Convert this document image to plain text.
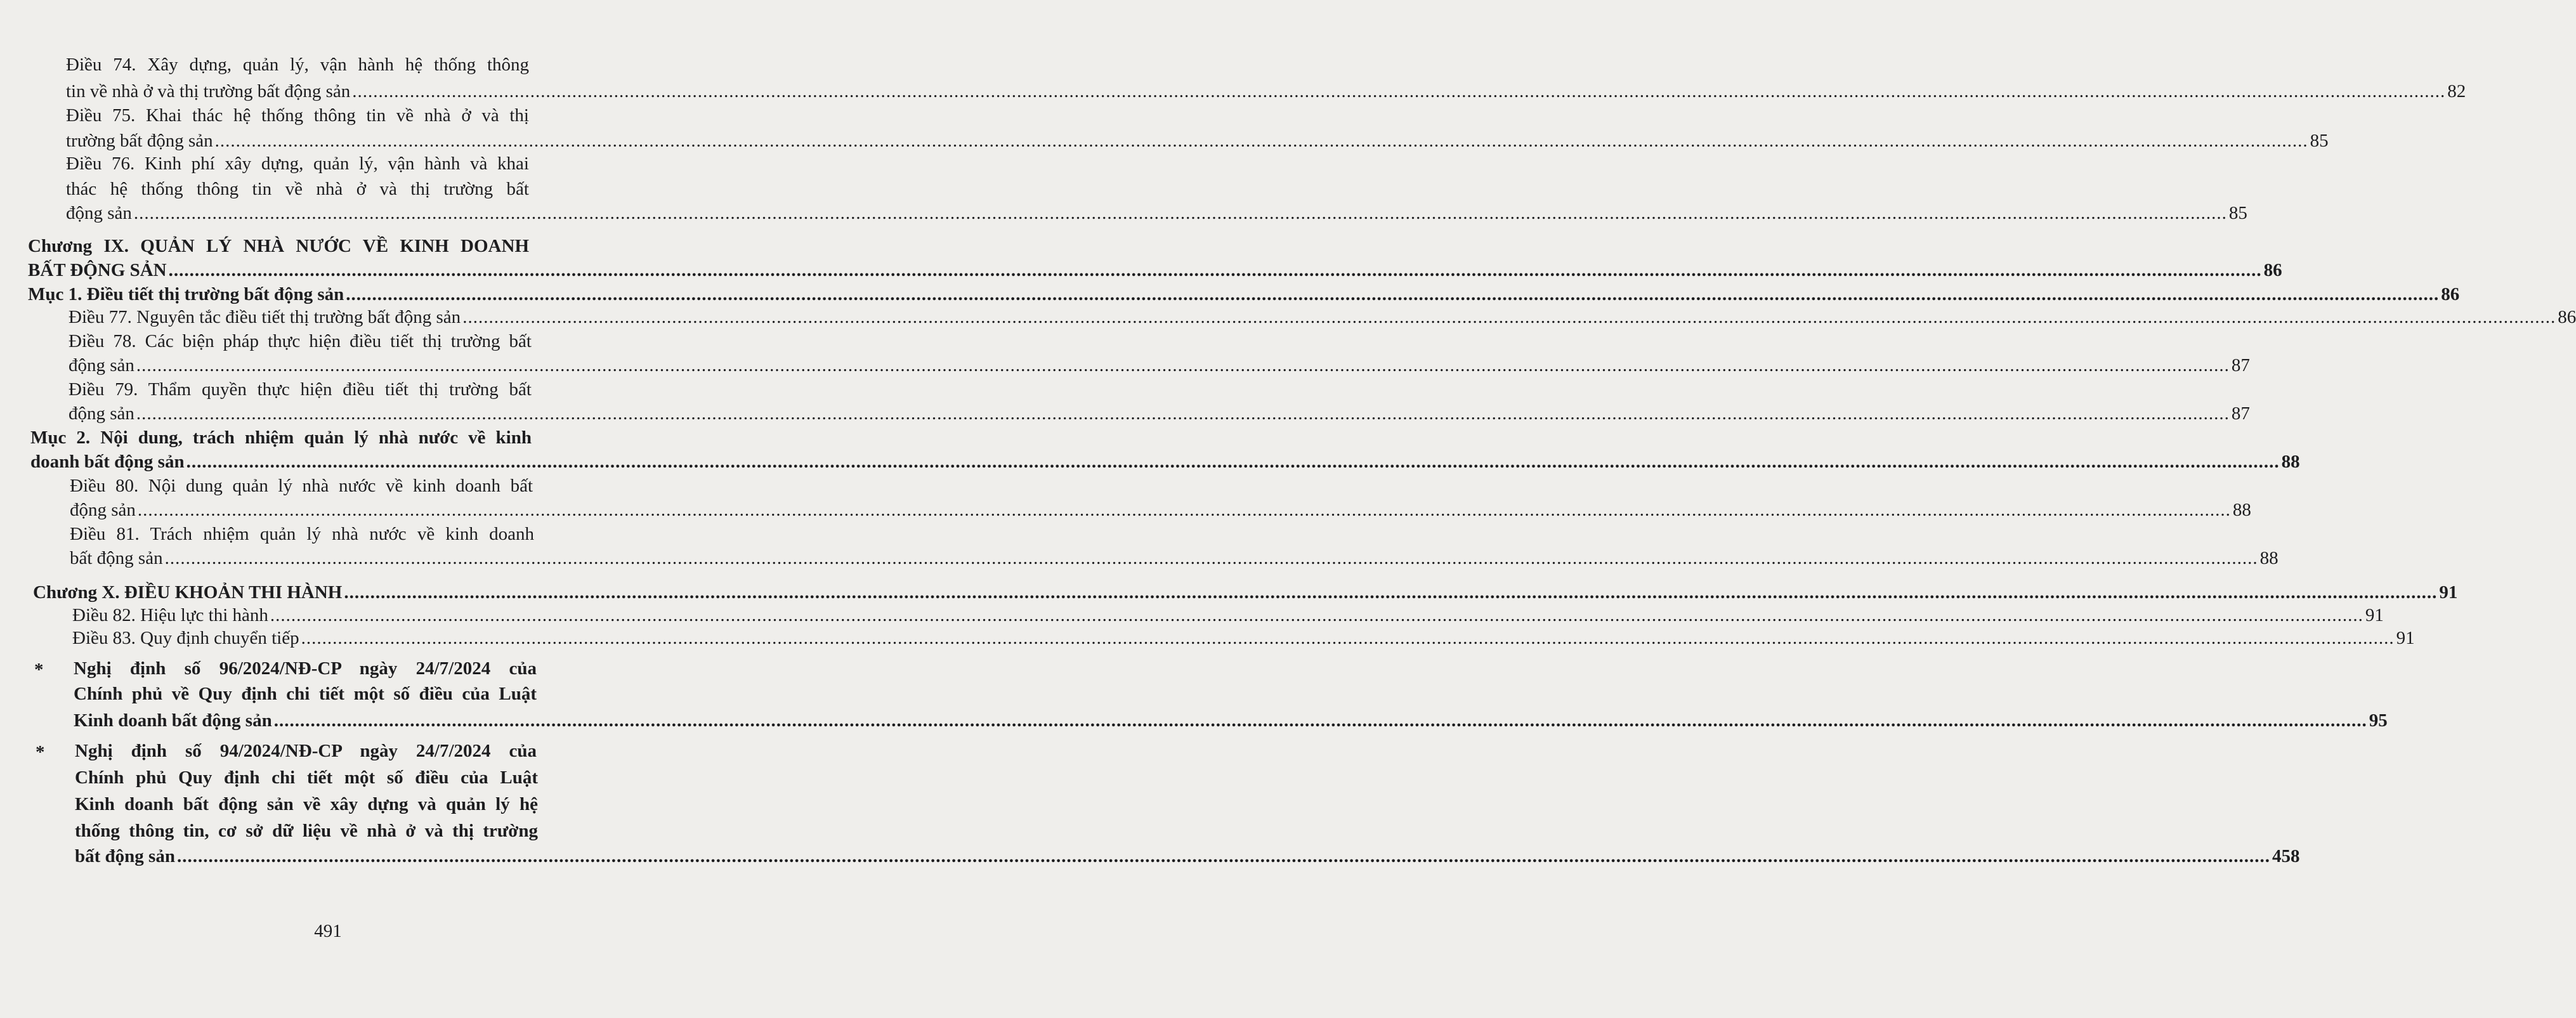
Điều 74. Xây dựng, quản lý, vận hành hệ thống thông
tin về nhà ở và thị trường bất động sản ................................................................................................................................................................................................................................................................................................................................................................................................................ 82
Điều 75. Khai thác hệ thống thông tin về nhà ở và thị
trường bất động sản ................................................................................................................................................................................................................................................................................................................................................................................................................ 85
Điều 76. Kinh phí xây dựng, quản lý, vận hành và khai
thác hệ thống thông tin về nhà ở và thị trường bất
động sản ................................................................................................................................................................................................................................................................................................................................................................................................................ 85
Chương IX. QUẢN LÝ NHÀ NƯỚC VỀ KINH DOANH
BẤT ĐỘNG SẢN ................................................................................................................................................................................................................................................................................................................................................................................................................ 86
Mục 1. Điều tiết thị trường bất động sản ................................................................................................................................................................................................................................................................................................................................................................................................................ 86
Điều 77. Nguyên tắc điều tiết thị trường bất động sản ................................................................................................................................................................................................................................................................................................................................................................................................................ 86
Điều 78. Các biện pháp thực hiện điều tiết thị trường bất
động sản ................................................................................................................................................................................................................................................................................................................................................................................................................ 87
Điều 79. Thẩm quyền thực hiện điều tiết thị trường bất
động sản ................................................................................................................................................................................................................................................................................................................................................................................................................ 87
Mục 2. Nội dung, trách nhiệm quản lý nhà nước về kinh
doanh bất động sản ................................................................................................................................................................................................................................................................................................................................................................................................................ 88
Điều 80. Nội dung quản lý nhà nước về kinh doanh bất
động sản ................................................................................................................................................................................................................................................................................................................................................................................................................ 88
Điều 81. Trách nhiệm quản lý nhà nước về kinh doanh
bất động sản ................................................................................................................................................................................................................................................................................................................................................................................................................ 88
Chương X. ĐIỀU KHOẢN THI HÀNH ................................................................................................................................................................................................................................................................................................................................................................................................................ 91
Điều 82. Hiệu lực thi hành ................................................................................................................................................................................................................................................................................................................................................................................................................ 91
Điều 83. Quy định chuyển tiếp ................................................................................................................................................................................................................................................................................................................................................................................................................ 91
* Nghị định số 96/2024/NĐ-CP ngày 24/7/2024 của
Chính phủ về Quy định chi tiết một số điều của Luật
Kinh doanh bất động sản ................................................................................................................................................................................................................................................................................................................................................................................................................ 95
* Nghị định số 94/2024/NĐ-CP ngày 24/7/2024 của
Chính phủ Quy định chi tiết một số điều của Luật
Kinh doanh bất động sản về xây dựng và quản lý hệ
thống thông tin, cơ sở dữ liệu về nhà ở và thị trường
bất động sản ................................................................................................................................................................................................................................................................................................................................................................................................................ 458
491
